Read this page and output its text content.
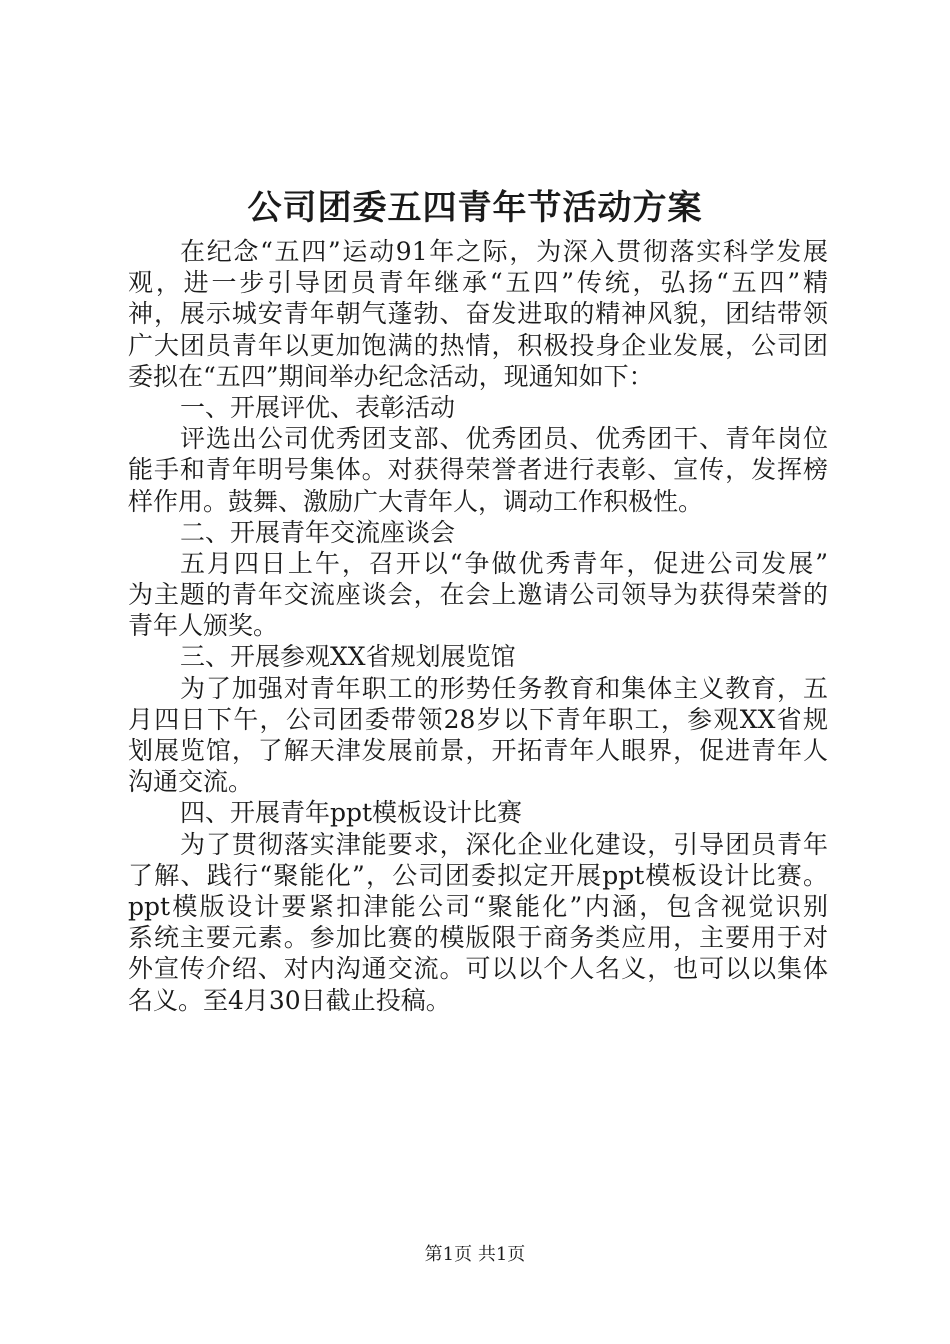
公司团委五四青年节活动方案
在纪念“五四”运动91年之际，为深入贯彻落实科学发展
观，进一步引导团员青年继承“五四”传统，弘扬“五四”精
神，展示城安青年朝气蓬勃、奋发进取的精神风貌，团结带领
广大团员青年以更加饱满的热情，积极投身企业发展，公司团
委拟在“五四”期间举办纪念活动，现通知如下：
一、开展评优、表彰活动
评选出公司优秀团支部、优秀团员、优秀团干、青年岗位
能手和青年明号集体。对获得荣誉者进行表彰、宣传，发挥榜
样作用。鼓舞、激励广大青年人，调动工作积极性。
二、开展青年交流座谈会
五月四日上午，召开以“争做优秀青年，促进公司发展”
为主题的青年交流座谈会，在会上邀请公司领导为获得荣誉的
青年人颁奖。
三、开展参观XX省规划展览馆
为了加强对青年职工的形势任务教育和集体主义教育，五
月四日下午，公司团委带领28岁以下青年职工，参观XX省规
划展览馆，了解天津发展前景，开拓青年人眼界，促进青年人
沟通交流。
四、开展青年ppt模板设计比赛
为了贯彻落实津能要求，深化企业化建设，引导团员青年
了解、践行“聚能化”，公司团委拟定开展ppt模板设计比赛。
ppt模版设计要紧扣津能公司“聚能化”内涵，包含视觉识别
系统主要元素。参加比赛的模版限于商务类应用，主要用于对
外宣传介绍、对内沟通交流。可以以个人名义，也可以以集体
名义。至4月30日截止投稿。
第1页 共1页
